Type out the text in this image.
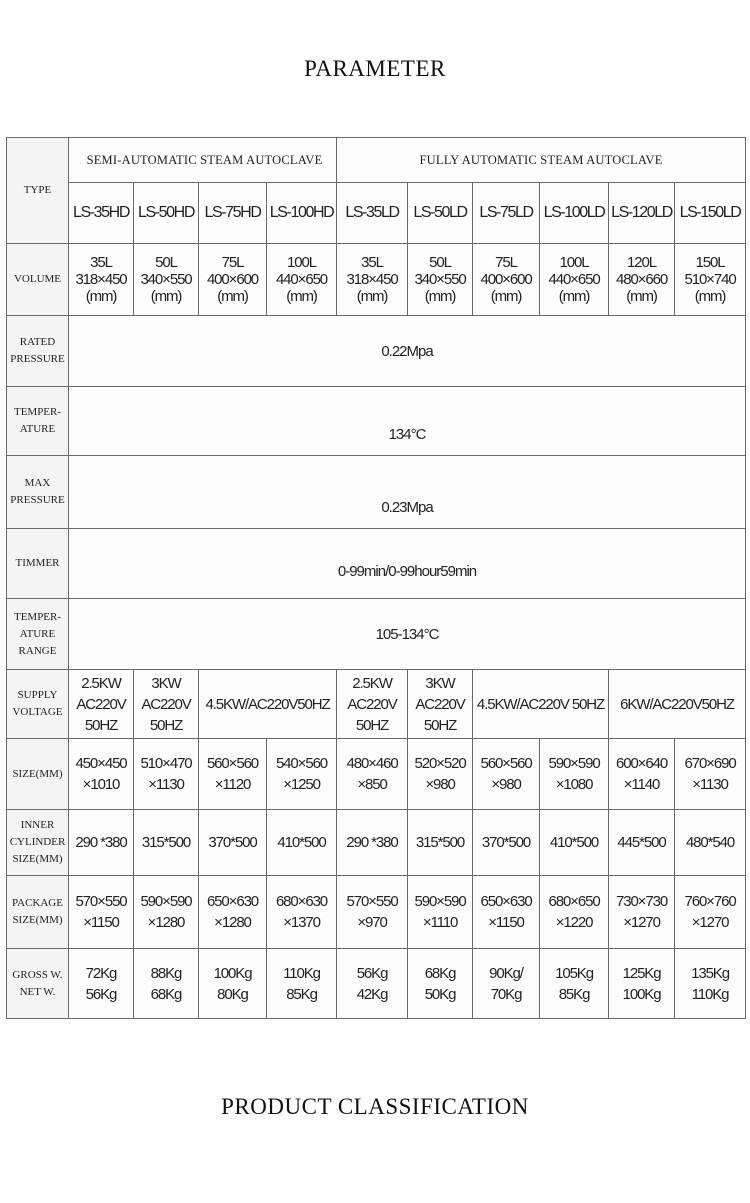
PARAMETER
TYPE	SEMI-AUTOMATIC STEAM AUTOCLAVE				FULLY AUTOMATIC STEAM AUTOCLAVE					
	LS-35HD	LS-50HD	LS-75HD	LS-100HD	LS-35LD	LS-50LD	LS-75LD	LS-100LD	LS-120LD	LS-150LD
VOLUME	35L
318×450
(mm)	50L
340×550
(mm)	75L
400×600
(mm)	100L
440×650
(mm)	35L
318×450
(mm)	50L
340×550
(mm)	75L
400×600
(mm)	100L
440×650
(mm)	120L
480×660
(mm)	150L
510×740
(mm)

RATED
PRESSURE	0.22Mpa									

TEMPER-
ATURE	134°C									

MAX
PRESSURE	0.23Mpa									
TIMMER	0-99min/0-99hour59min									

TEMPER-
ATURE
RANGE	105-134°C									

SUPPLY
VOLTAGE	2.5KW
AC220V
50HZ	3KW
AC220V
50HZ	4.5KW/AC220V50HZ		2.5KW
AC220V
50HZ	3KW
AC220V
50HZ	4.5KW/AC220V 50HZ		6KW/AC220V50HZ	
SIZE(MM)	450×450
×1010	510×470
×1130	560×560
×1120	540×560
×1250	480×460
×850	520×520
×980	560×560
×980	590×590
×1080	600×640
×1140	670×690
×1130

INNER
CYLINDER
SIZE(MM)	290 *380	315*500	370*500	410*500	290 *380	315*500	370*500	410*500	445*500	480*540

PACKAGE
SIZE(MM)	570×550
×1150	590×590
×1280	650×630
×1280	680×630
×1370	570×550
×970	590×590
×1110	650×630
×1150	680×650
×1220	730×730
×1270	760×760
×1270

GROSS W.
NET W.	72Kg
56Kg	88Kg
68Kg	100Kg
80Kg	110Kg
85Kg	56Kg
42Kg	68Kg
50Kg	90Kg/
70Kg	105Kg
85Kg	125Kg
100Kg	135Kg
110Kg
PRODUCT CLASSIFICATION
